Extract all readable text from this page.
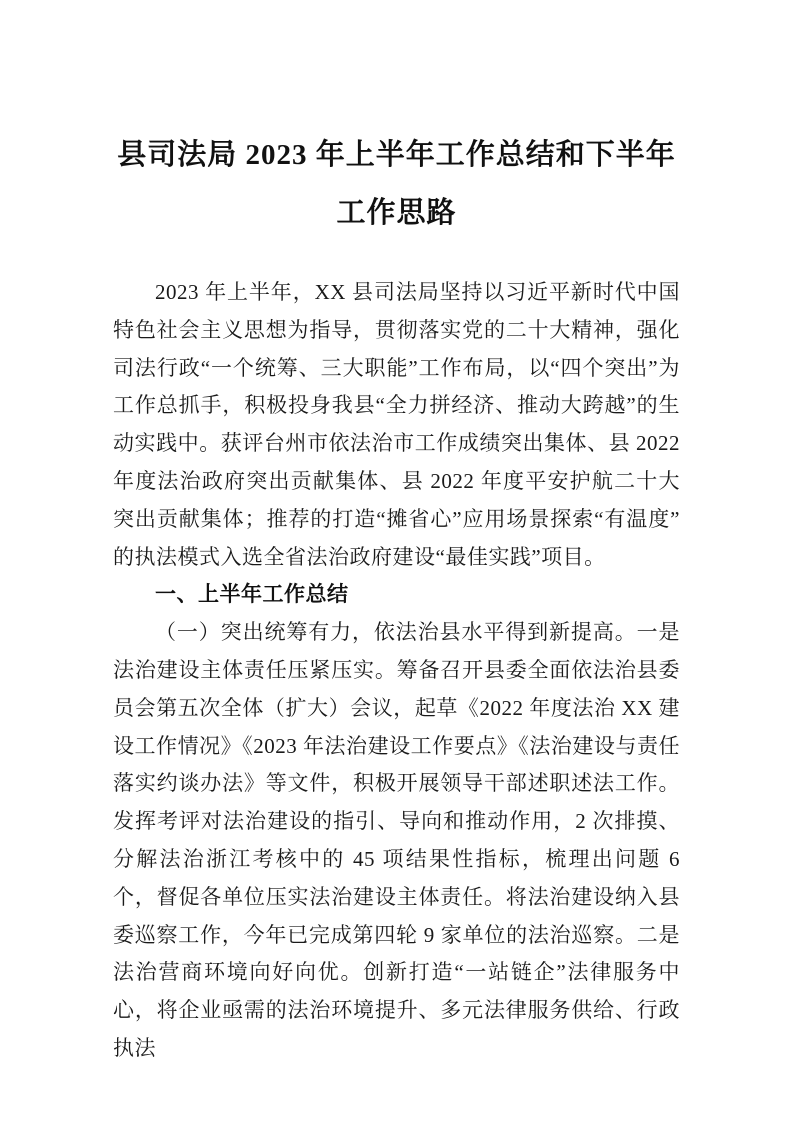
县司法局 2023 年上半年工作总结和下半年
工作思路

2023 年上半年，XX 县司法局坚持以习近平新时代中国特色社会主义思想为指导，贯彻落实党的二十大精神，强化司法行政“一个统筹、三大职能”工作布局，以“四个突出”为工作总抓手，积极投身我县“全力拼经济、推动大跨越”的生动实践中。获评台州市依法治市工作成绩突出集体、县 2022 年度法治政府突出贡献集体、县 2022 年度平安护航二十大突出贡献集体；推荐的打造“摊省心”应用场景探索“有温度”的执法模式入选全省法治政府建设“最佳实践”项目。

一、上半年工作总结

（一）突出统筹有力，依法治县水平得到新提高。一是法治建设主体责任压紧压实。筹备召开县委全面依法治县委员会第五次全体（扩大）会议，起草《2022 年度法治 XX 建设工作情况》《2023 年法治建设工作要点》《法治建设与责任落实约谈办法》等文件，积极开展领导干部述职述法工作。发挥考评对法治建设的指引、导向和推动作用，2 次排摸、分解法治浙江考核中的 45 项结果性指标，梳理出问题 6 个，督促各单位压实法治建设主体责任。将法治建设纳入县委巡察工作，今年已完成第四轮 9 家单位的法治巡察。二是法治营商环境向好向优。创新打造“一站链企”法律服务中心，将企业亟需的法治环境提升、多元法律服务供给、行政执法
